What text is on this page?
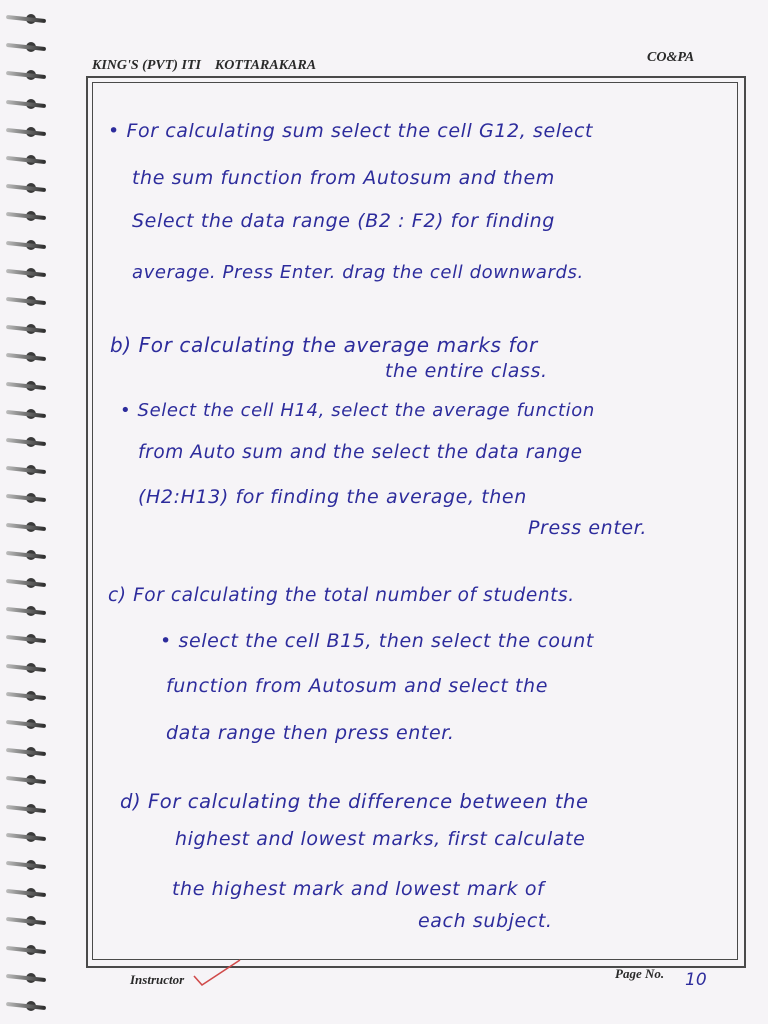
KING'S (PVT) ITI    KOTTARAKARA
CO&PA
• For calculating sum select the cell G12, select
the sum function from Autosum and them
Select the data range (B2 : F2) for finding
average. Press Enter. drag the cell downwards.
b) For calculating the average marks for
the entire class.
• Select the cell H14, select the average function
from Auto sum and the select the data range
(H2:H13) for finding the average, then
Press enter.
c) For calculating the total number of students.
• select the cell B15, then select the count
function from Autosum and select the
data range then press enter.
d) For calculating the difference between the
highest and lowest marks, first calculate
the highest mark and lowest mark of
each subject.
Instructor	Page No. 10
